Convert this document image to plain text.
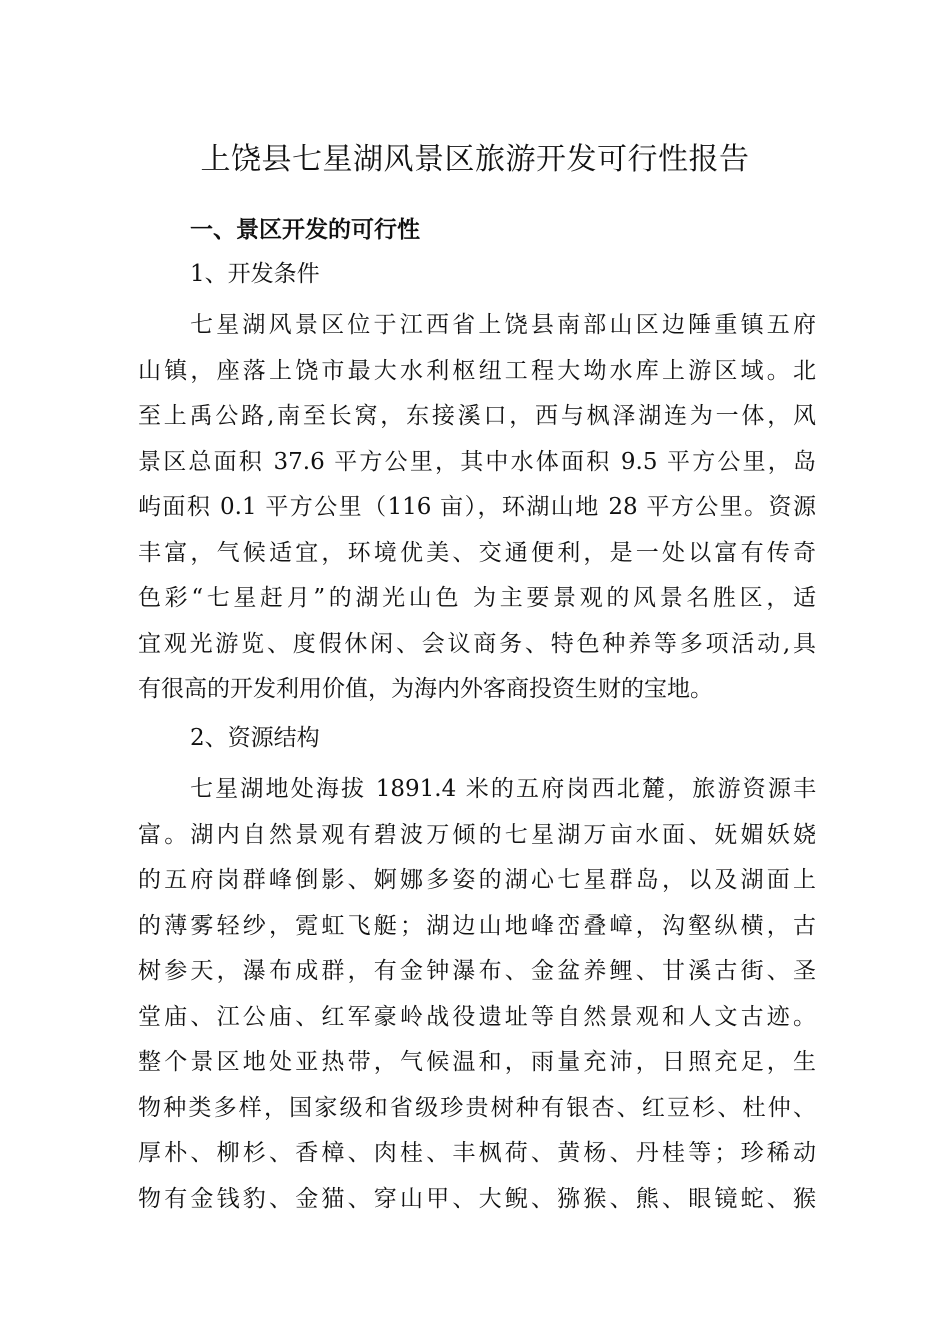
上饶县七星湖风景区旅游开发可行性报告
一、景区开发的可行性
1、开发条件
七星湖风景区位于江西省上饶县南部山区边陲重镇五府
山镇，座落上饶市最大水利枢纽工程大坳水库上游区域。北
至上禹公路,南至长窝，东接溪口，西与枫泽湖连为一体，风
景区总面积 37.6 平方公里，其中水体面积 9.5 平方公里，岛
屿面积 0.1 平方公里（116 亩），环湖山地 28 平方公里。资源
丰富，气候适宜，环境优美、交通便利，是一处以富有传奇
色彩“七星赶月”的湖光山色 为主要景观的风景名胜区，适
宜观光游览、度假休闲、会议商务、特色种养等多项活动,具
有很高的开发利用价值，为海内外客商投资生财的宝地。
2、资源结构
七星湖地处海拔 1891.4 米的五府岗西北麓，旅游资源丰
富。湖内自然景观有碧波万倾的七星湖万亩水面、妩媚妖娆
的五府岗群峰倒影、婀娜多姿的湖心七星群岛，以及湖面上
的薄雾轻纱，霓虹飞艇；湖边山地峰峦叠嶂，沟壑纵横，古
树参天，瀑布成群，有金钟瀑布、金盆养鲤、甘溪古街、圣
堂庙、江公庙、红军豪岭战役遗址等自然景观和人文古迹。
整个景区地处亚热带，气候温和，雨量充沛，日照充足，生
物种类多样，国家级和省级珍贵树种有银杏、红豆杉、杜仲、
厚朴、柳杉、香樟、肉桂、丰枫荷、黄杨、丹桂等；珍稀动
物有金钱豹、金猫、穿山甲、大鲵、猕猴、熊、眼镜蛇、猴
